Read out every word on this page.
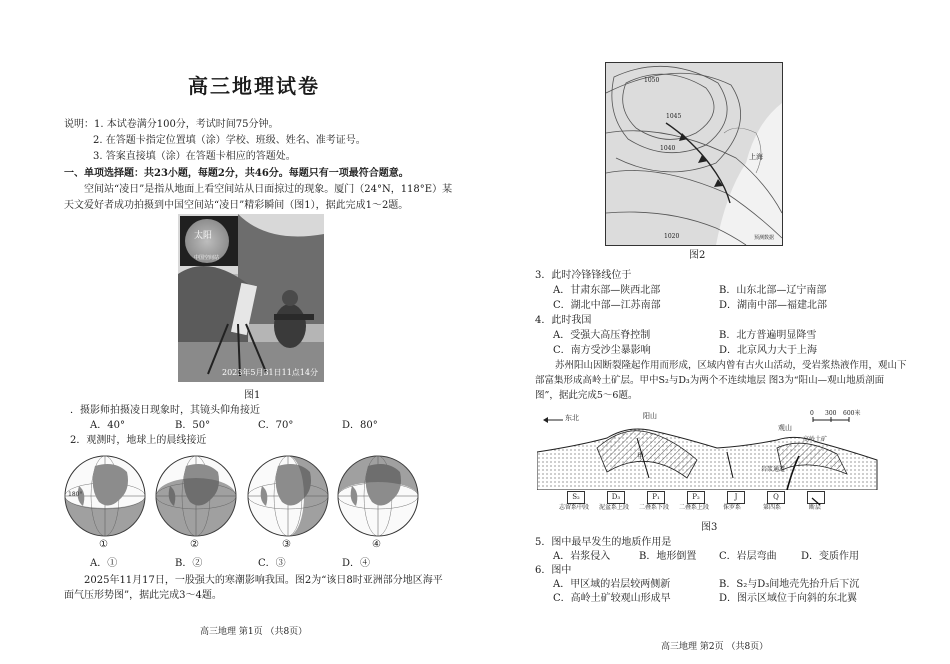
高三地理试卷
说明：1. 本试卷满分100分，考试时间75分钟。
2. 在答题卡指定位置填（涂）学校、班级、姓名、准考证号。
3. 答案直接填（涂）在答题卡相应的答题处。
一、单项选择题：共23小题，每题2分，共46分。每题只有一项最符合题意。
空间站“凌日”是指从地面上看空间站从日面掠过的现象。厦门（24°N，118°E）某
天文爱好者成功拍摄到中国空间站“凌日”精彩瞬间（图1），据此完成1～2题。
太阳
中国空间站
2023年5月31日11点14分
图1
．摄影师拍摄凌日现象时，其镜头仰角接近
A．40°	B．50°	C．70°	D．80°
2．观测时，地球上的晨线接近
180°
①	②	③	④
A．①	B．②	C．③	D．④
2025年11月17日，一股强大的寒潮影响我国。图2为“该日8时亚洲部分地区海平
面气压形势图”，据此完成3～4题。
高三地理 第1页 （共8页）
1050
1045
1040
1020
上海
预测数据
图2
3．此时冷锋锋线位于
A．甘肃东部—陕西北部	B．山东北部—辽宁南部
C．湖北中部—江苏南部	D．湖南中部—福建北部
4．此时我国
A．受强大高压脊控制	B．北方普遍明显降雪
C．南方受沙尘暴影响	D．北京风力大于上海
苏州阳山因断裂隆起作用而形成，区域内曾有古火山活动，受岩浆热液作用，观山下
部富集形成高岭土矿层。甲中S₂与D₃为两个不连续地层 图3为“阳山—观山地质剖面
图”，据此完成5～6题。
东北	阳山
观山
高岭土矿
甲
岩浆通道
0 300 600米
S₂
志留系中段
D₃
泥盆系上段
P₁
二叠系下段
P₂
二叠系上段
J
侏罗系
Q
第四系	断层
图3
5．图中最早发生的地质作用是
A．岩浆侵入	B．地形倒置 C．岩层弯曲 D．变质作用
6．图中
A．甲区域的岩层较两侧新	B．S₂与D₃间地壳先抬升后下沉
C．高岭土矿较观山形成早	D．图示区域位于向斜的东北翼
高三地理 第2页 （共8页）
